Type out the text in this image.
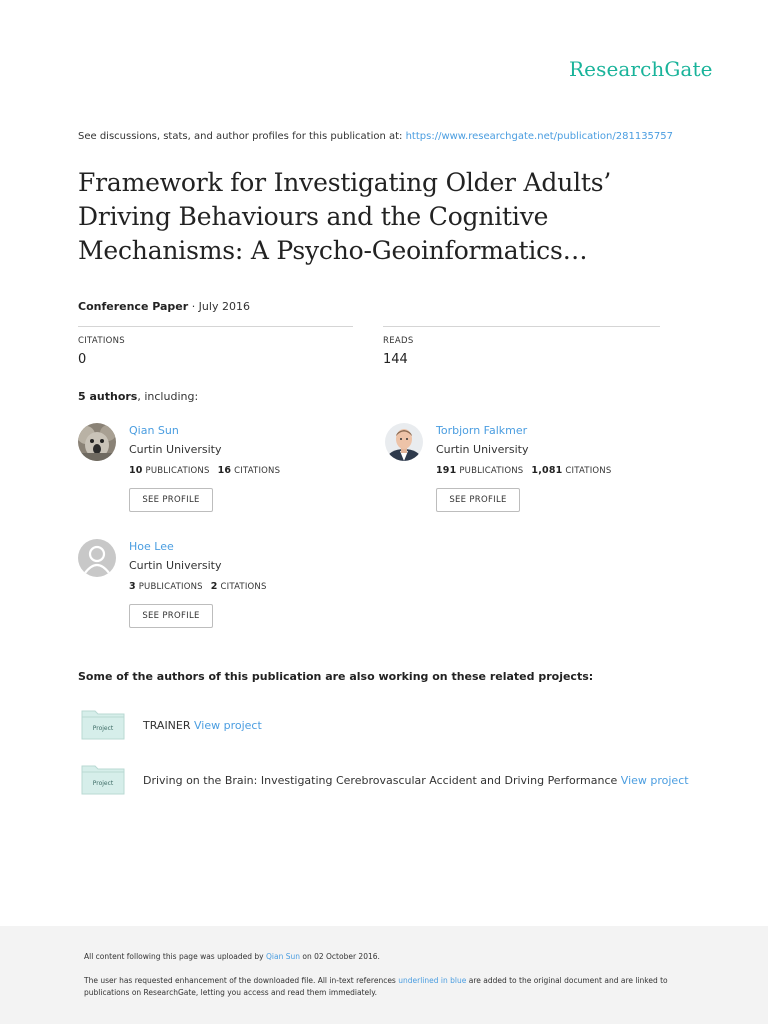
ResearchGate
See discussions, stats, and author profiles for this publication at: https://www.researchgate.net/publication/281135757
Framework for Investigating Older Adults’ Driving Behaviours and the Cognitive Mechanisms: A Psycho-Geoinformatics…
Conference Paper · July 2016
CITATIONS
0
READS
144
5 authors, including:
Qian Sun
Curtin University
10 PUBLICATIONS 16 CITATIONS
SEE PROFILE
Torbjorn Falkmer
Curtin University
191 PUBLICATIONS 1,081 CITATIONS
SEE PROFILE
Hoe Lee
Curtin University
3 PUBLICATIONS 2 CITATIONS
SEE PROFILE
Some of the authors of this publication are also working on these related projects:
Project	TRAINER View project
Project	Driving on the Brain: Investigating Cerebrovascular Accident and Driving Performance View project
All content following this page was uploaded by Qian Sun on 02 October 2016.
The user has requested enhancement of the downloaded file. All in-text references underlined in blue are added to the original document and are linked to publications on ResearchGate, letting you access and read them immediately.
